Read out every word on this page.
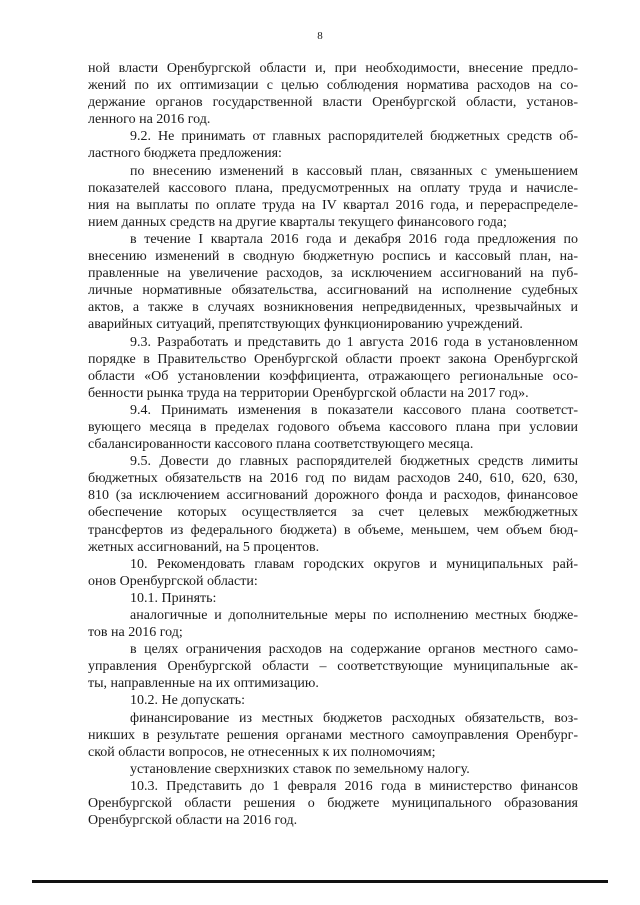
8

ной власти Оренбургской области и, при необходимости, внесение предло-

жений по их оптимизации с целью соблюдения норматива расходов на со-

держание органов государственной власти Оренбургской области, установ-

ленного на 2016 год.

9.2. Не принимать от главных распорядителей бюджетных средств об-

ластного бюджета предложения:

по внесению изменений в кассовый план, связанных с уменьшением

показателей кассового плана, предусмотренных на оплату труда и начисле-

ния на выплаты по оплате труда на IV квартал 2016 года, и перераспределе-

нием данных средств на другие кварталы текущего финансового года;

в течение I квартала 2016 года и декабря 2016 года предложения по

внесению изменений в сводную бюджетную роспись и кассовый план, на-

правленные на увеличение расходов, за исключением ассигнований на пуб-

личные нормативные обязательства, ассигнований на исполнение судебных

актов, а также в случаях возникновения непредвиденных, чрезвычайных и

аварийных ситуаций, препятствующих функционированию учреждений.

9.3. Разработать и представить до 1 августа 2016 года в установленном

порядке в Правительство Оренбургской области проект закона Оренбургской

области «Об установлении коэффициента, отражающего региональные осо-

бенности рынка труда на территории Оренбургской области на 2017 год».

9.4. Принимать изменения в показатели кассового плана соответст-

вующего месяца в пределах годового объема кассового плана при условии

сбалансированности кассового плана соответствующего месяца.

9.5. Довести до главных распорядителей бюджетных средств лимиты

бюджетных обязательств на 2016 год по видам расходов 240, 610, 620, 630,

810 (за исключением ассигнований дорожного фонда и расходов, финансовое

обеспечение которых осуществляется за счет целевых межбюджетных

трансфертов из федерального бюджета) в объеме, меньшем, чем объем бюд-

жетных ассигнований, на 5 процентов.

10. Рекомендовать главам городских округов и муниципальных рай-

онов Оренбургской области:

10.1. Принять:

аналогичные и дополнительные меры по исполнению местных бюдже-

тов на 2016 год;

в целях ограничения расходов на содержание органов местного само-

управления Оренбургской области – соответствующие муниципальные ак-

ты, направленные на их оптимизацию.

10.2. Не допускать:

финансирование из местных бюджетов расходных обязательств, воз-

никших в результате решения органами местного самоуправления Оренбург-

ской области вопросов, не отнесенных к их полномочиям;

установление сверхнизких ставок по земельному налогу.

10.3. Представить до 1 февраля 2016 года в министерство финансов

Оренбургской области решения о бюджете муниципального образования

Оренбургской области на 2016 год.
